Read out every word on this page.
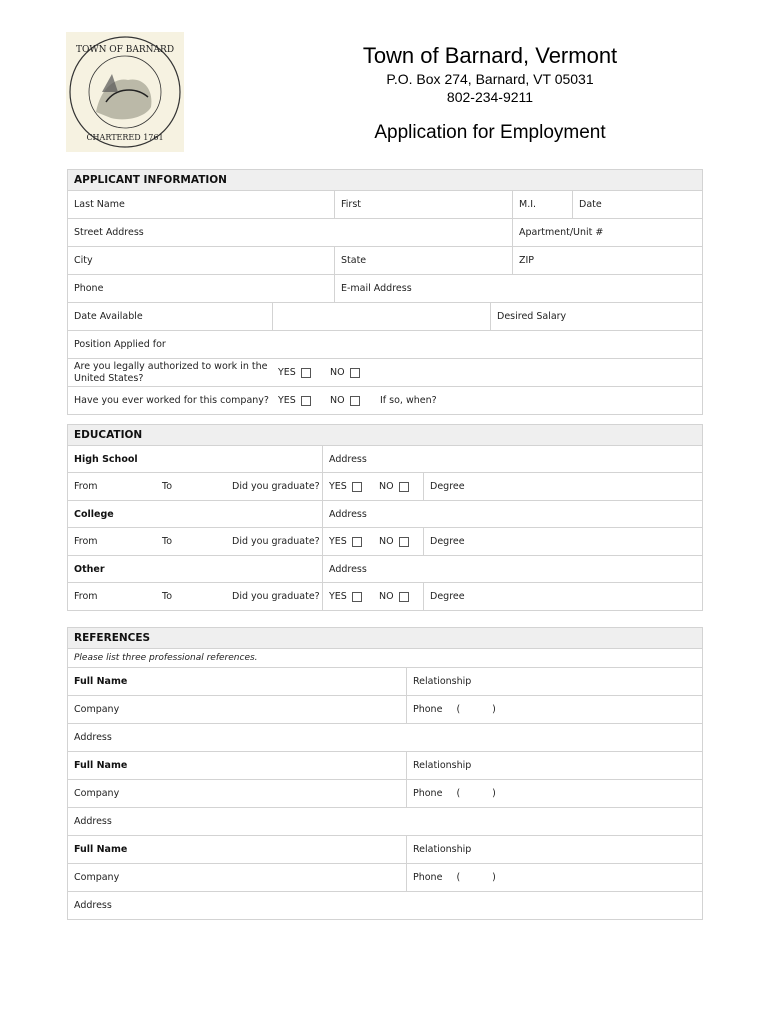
TOWN OF BARNARD
CHARTERED 1761
Town of Barnard, Vermont
P.O. Box 274, Barnard, VT 05031
802-234-9211
Application for Employment
APPLICANT INFORMATION
Last Name	First	M.I.	Date
Street Address	Apartment/Unit #
City	State	ZIP
Phone	E-mail Address
Date Available	Desired Salary
Position Applied for
Are you legally authorized to work in the United States?	YES	NO
Have you ever worked for this company? YES	NO	If so, when?
EDUCATION
High School	Address
From	To	Did you graduate? YES	NO	Degree
College	Address
From	To	Did you graduate? YES	NO	Degree
Other	Address
From	To	Did you graduate? YES	NO	Degree
REFERENCES
Please list three professional references.
Full Name	Relationship
Company	Phone (	)
Address
Full Name	Relationship
Company	Phone (	)
Address
Full Name	Relationship
Company	Phone (	)
Address
